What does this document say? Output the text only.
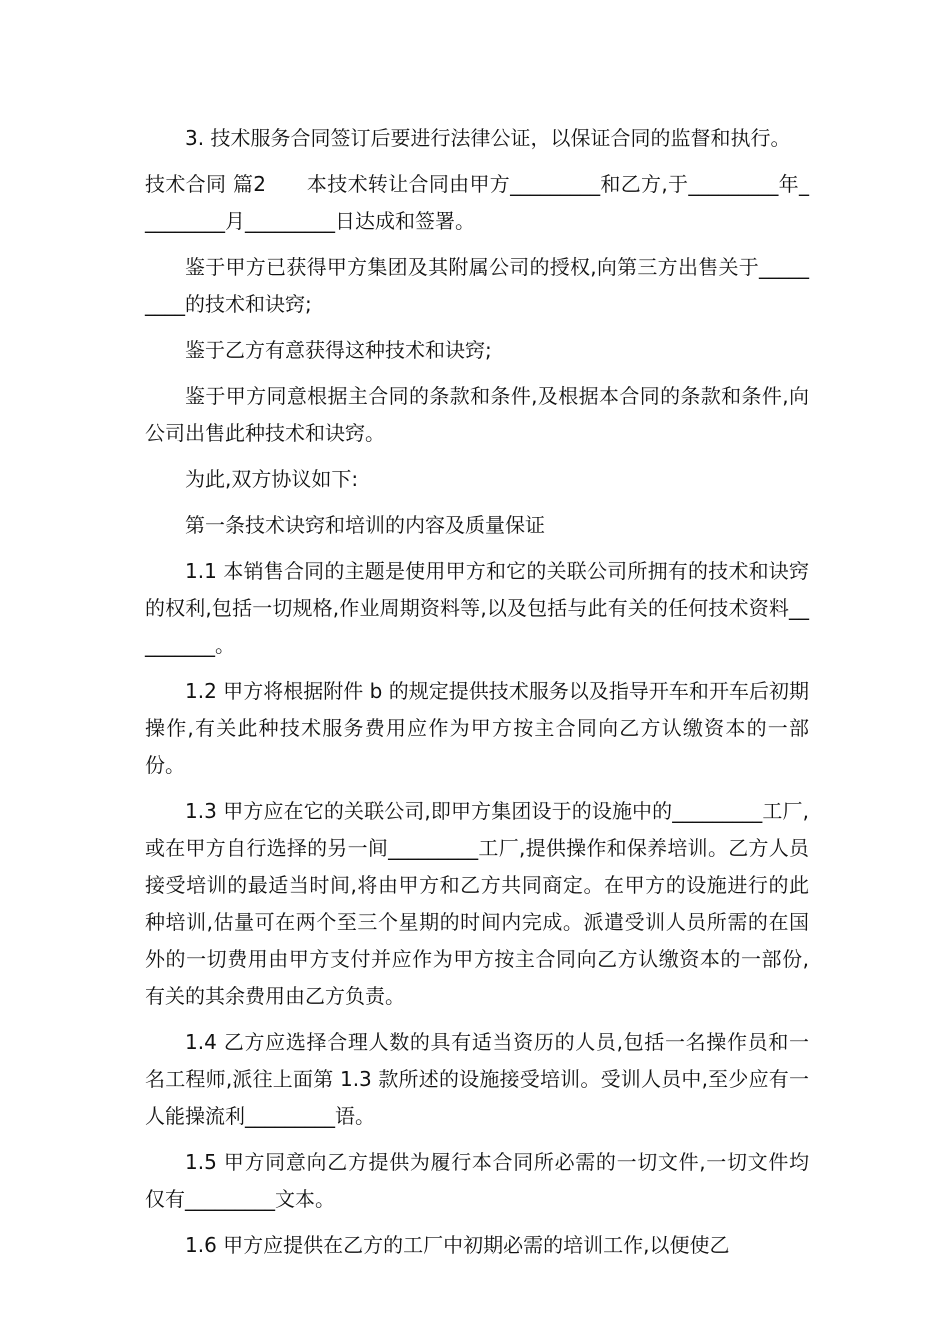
3. 技术服务合同签订后要进行法律公证，以保证合同的监督和执行。

技术合同 篇2　　本技术转让合同由甲方_________和乙方,于_________年_________月_________日达成和签署。

鉴于甲方已获得甲方集团及其附属公司的授权,向第三方出售关于_________的技术和诀窍;

鉴于乙方有意获得这种技术和诀窍;

鉴于甲方同意根据主合同的条款和条件,及根据本合同的条款和条件,向公司出售此种技术和诀窍。

为此,双方协议如下:

第一条技术诀窍和培训的内容及质量保证

1.1 本销售合同的主题是使用甲方和它的关联公司所拥有的技术和诀窍的权利,包括一切规格,作业周期资料等,以及包括与此有关的任何技术资料_________。

1.2 甲方将根据附件 b 的规定提供技术服务以及指导开车和开车后初期操作,有关此种技术服务费用应作为甲方按主合同向乙方认缴资本的一部份。

1.3 甲方应在它的关联公司,即甲方集团设于的设施中的_________工厂,或在甲方自行选择的另一间_________工厂,提供操作和保养培训。乙方人员接受培训的最适当时间,将由甲方和乙方共同商定。在甲方的设施进行的此种培训,估量可在两个至三个星期的时间内完成。派遣受训人员所需的在国外的一切费用由甲方支付并应作为甲方按主合同向乙方认缴资本的一部份,有关的其余费用由乙方负责。

1.4 乙方应选择合理人数的具有适当资历的人员,包括一名操作员和一名工程师,派往上面第 1.3 款所述的设施接受培训。受训人员中,至少应有一人能操流利_________语。

1.5 甲方同意向乙方提供为履行本合同所必需的一切文件,一切文件均仅有_________文本。

1.6 甲方应提供在乙方的工厂中初期必需的培训工作,以便使乙
